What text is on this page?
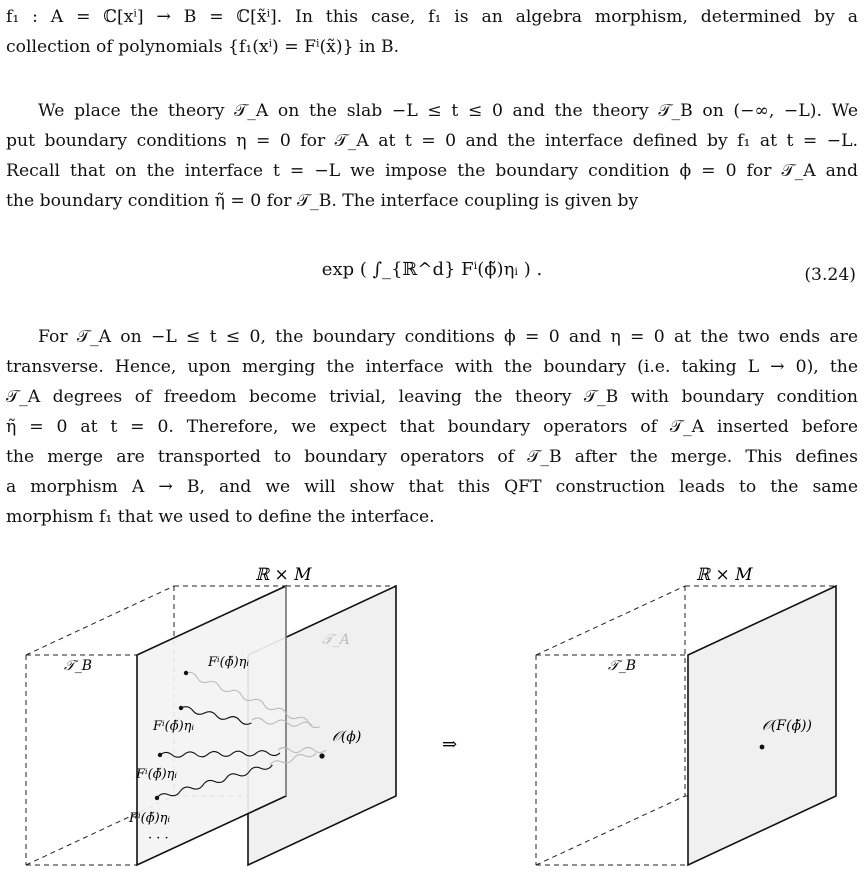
f₁ : A = ℂ[xⁱ] → B = ℂ[x̃ⁱ]. In this case, f₁ is an algebra morphism, determined by a
collection of polynomials {f₁(xⁱ) = Fⁱ(x̃)} in B.

We place the theory 𝒯_A on the slab −L ≤ t ≤ 0 and the theory 𝒯_B on (−∞, −L). We
put boundary conditions η = 0 for 𝒯_A at t = 0 and the interface defined by f₁ at t = −L.
Recall that on the interface t = −L we impose the boundary condition ϕ = 0 for 𝒯_A and
the boundary condition η̃ = 0 for 𝒯_B. The interface coupling is given by

exp ( ∫_{ℝ^d} Fⁱ(ϕ̃)ηᵢ ) .	(3.24)

For 𝒯_A on −L ≤ t ≤ 0, the boundary conditions ϕ = 0 and η = 0 at the two ends are
transverse. Hence, upon merging the interface with the boundary (i.e. taking L → 0), the
𝒯_A degrees of freedom become trivial, leaving the theory 𝒯_B with boundary condition
η̃ = 0 at t = 0. Therefore, we expect that boundary operators of 𝒯_A inserted before
the merge are transported to boundary operators of 𝒯_B after the merge. This defines
a morphism A → B, and we will show that this QFT construction leads to the same
morphism f₁ that we used to define the interface.

ℝ × M
𝒯_B
𝒯_A
Fⁱ(ϕ̃)ηᵢ
Fⁱ(ϕ̃)ηᵢ
Fⁱ(ϕ̃)ηᵢ
Fⁱ(ϕ̃)ηᵢ
· · ·
𝒪(ϕ)	⇒
ℝ × M
𝒯_B
𝒪(F(ϕ̃))
